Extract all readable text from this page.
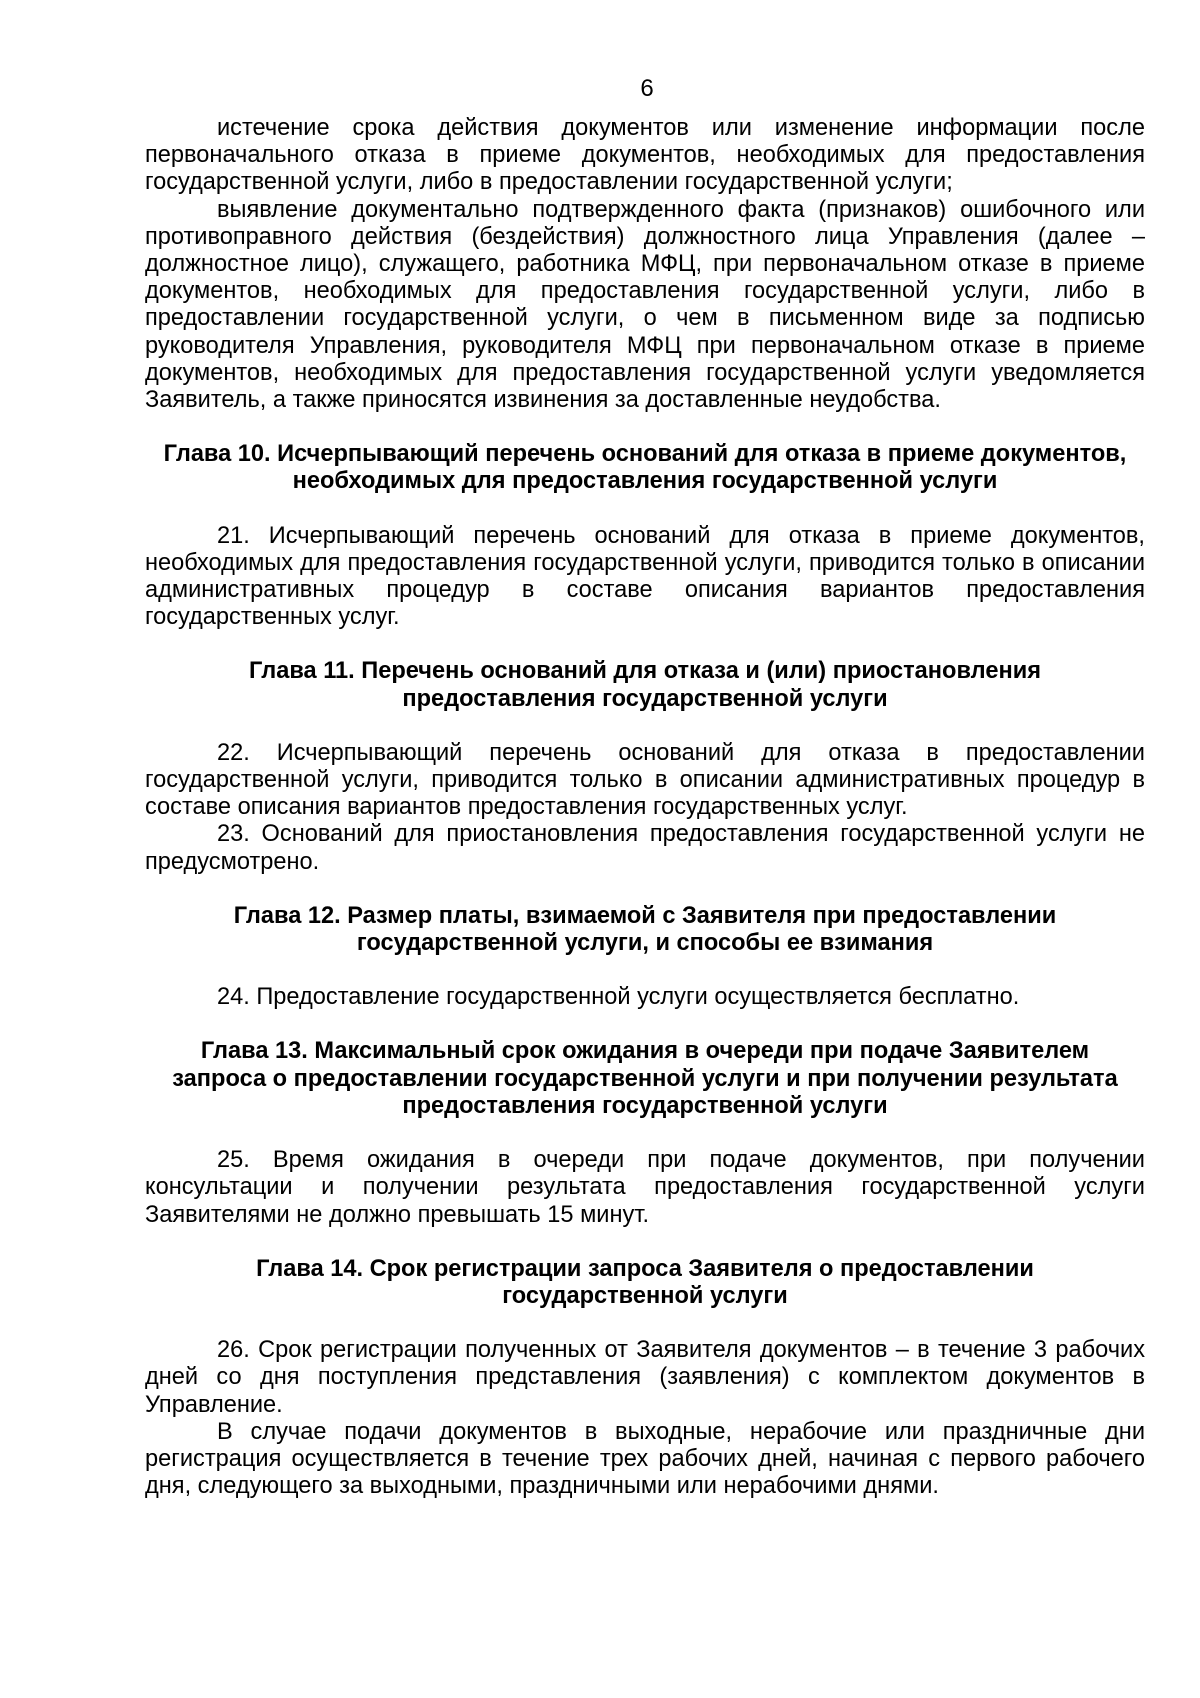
6

истечение срока действия документов или изменение информации после первоначального отказа в приеме документов, необходимых для предоставления государственной услуги, либо в предоставлении государственной услуги;

выявление документально подтвержденного факта (признаков) ошибочного или противоправного действия (бездействия) должностного лица Управления (далее – должностное лицо), служащего, работника МФЦ, при первоначальном отказе в приеме документов, необходимых для предоставления государственной услуги, либо в предоставлении государственной услуги, о чем в письменном виде за подписью руководителя Управления, руководителя МФЦ при первоначальном отказе в приеме документов, необходимых для предоставления государственной услуги уведомляется Заявитель, а также приносятся извинения за доставленные неудобства.

Глава 10. Исчерпывающий перечень оснований для отказа в приеме документов,
необходимых для предоставления государственной услуги

21. Исчерпывающий перечень оснований для отказа в приеме документов, необходимых для предоставления государственной услуги, приводится только в описании административных процедур в составе описания вариантов предоставления государственных услуг.

Глава 11. Перечень оснований для отказа и (или) приостановления
предоставления государственной услуги

22. Исчерпывающий перечень оснований для отказа в предоставлении государственной услуги, приводится только в описании административных процедур в составе описания вариантов предоставления государственных услуг.

23. Оснований для приостановления предоставления государственной услуги не предусмотрено.

Глава 12. Размер платы, взимаемой с Заявителя при предоставлении
государственной услуги, и способы ее взимания

24. Предоставление государственной услуги осуществляется бесплатно.

Глава 13. Максимальный срок ожидания в очереди при подаче Заявителем
запроса о предоставлении государственной услуги и при получении результата
предоставления государственной услуги

25. Время ожидания в очереди при подаче документов, при получении консультации и получении результата предоставления государственной услуги Заявителями не должно превышать 15 минут.

Глава 14. Срок регистрации запроса Заявителя о предоставлении
государственной услуги

26. Срок регистрации полученных от Заявителя документов – в течение 3 рабочих дней со дня поступления представления (заявления) с комплектом документов в Управление.

В случае подачи документов в выходные, нерабочие или праздничные дни регистрация осуществляется в течение трех рабочих дней, начиная с первого рабочего дня, следующего за выходными, праздничными или нерабочими днями.
